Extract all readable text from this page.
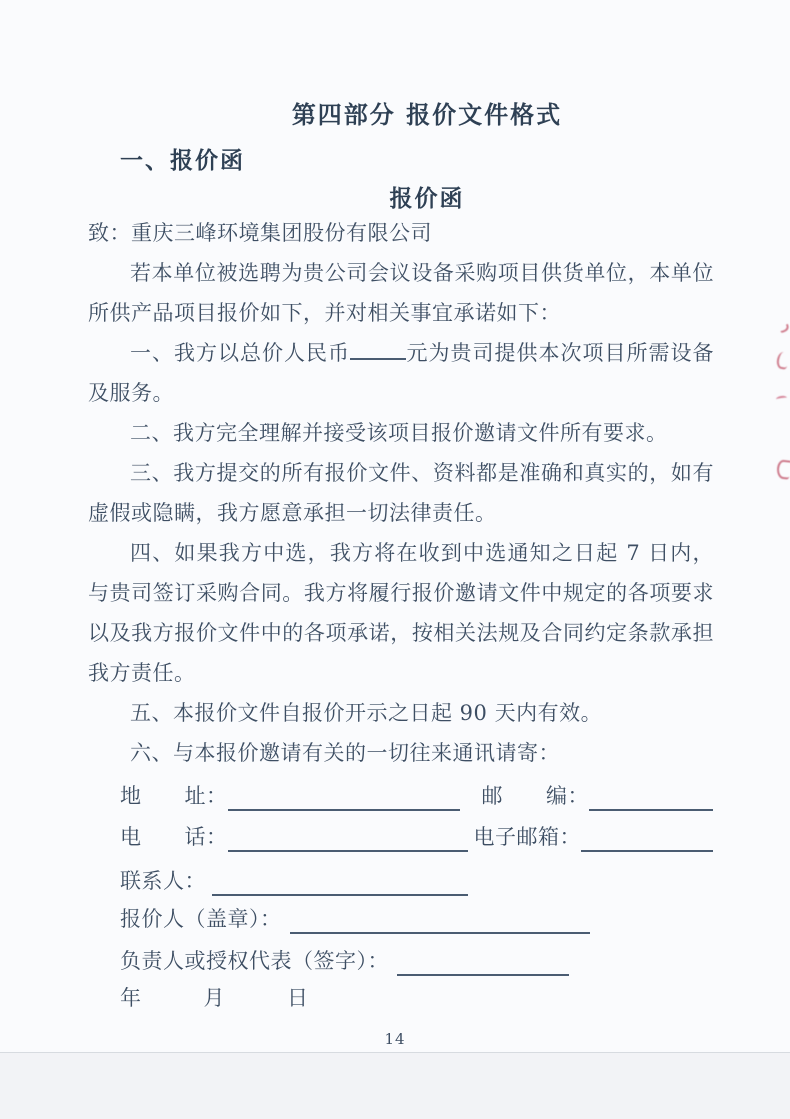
第四部分 报价文件格式
一、报价函
报价函

致：重庆三峰环境集团股份有限公司

若本单位被选聘为贵公司会议设备采购项目供货单位，本单位所供产品项目报价如下，并对相关事宜承诺如下：

一、我方以总价人民币	元为贵司提供本次项目所需设备及服务。

二、我方完全理解并接受该项目报价邀请文件所有要求。

三、我方提交的所有报价文件、资料都是准确和真实的，如有虚假或隐瞒，我方愿意承担一切法律责任。

四、如果我方中选，我方将在收到中选通知之日起 7 日内，与贵司签订采购合同。我方将履行报价邀请文件中规定的各项要求以及我方报价文件中的各项承诺，按相关法规及合同约定条款承担我方责任。

五、本报价文件自报价开示之日起 90 天内有效。

六、与本报价邀请有关的一切往来通讯请寄：

地　　址：	邮　　编：
电　　话：	电子邮箱：
联系人：
报价人（盖章）：
负责人或授权代表（签字）：
年	月	日
14
